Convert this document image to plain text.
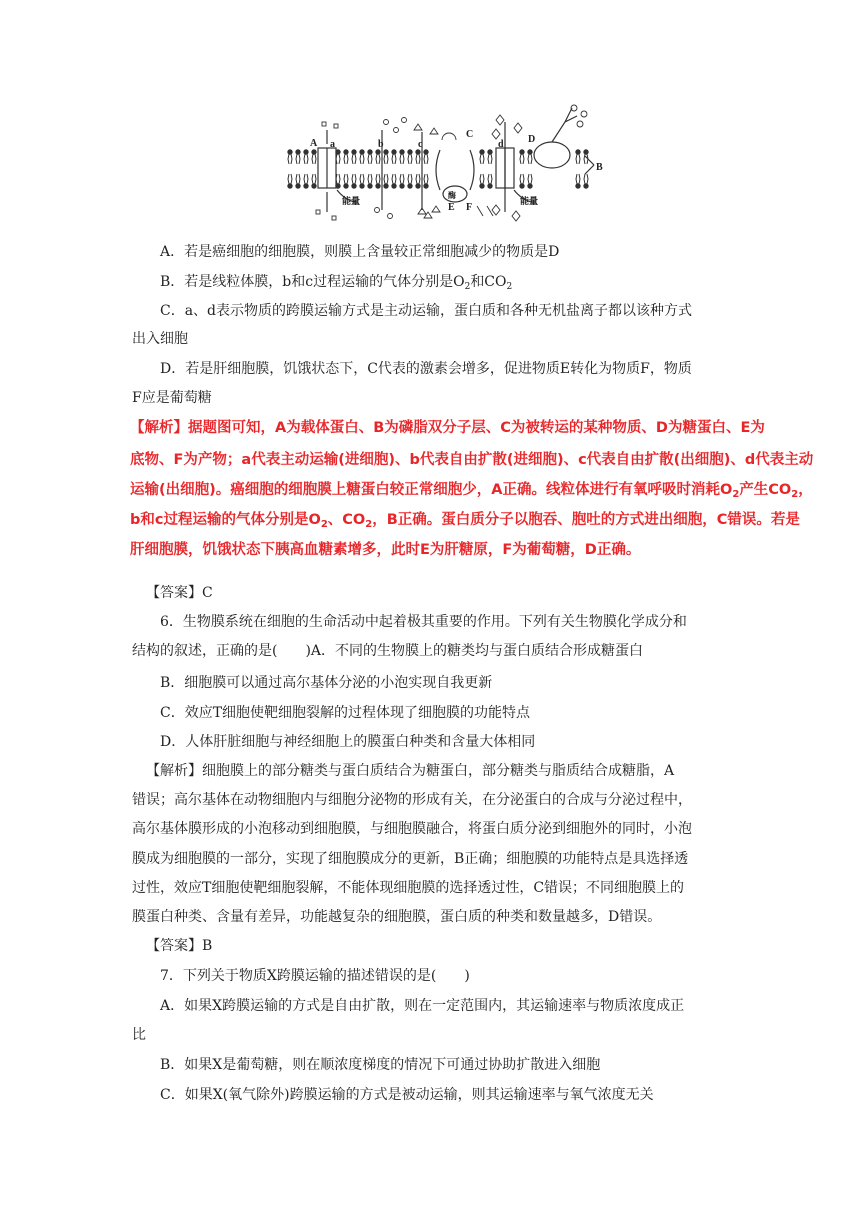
A a	b	c
C
d D
B
E F
酶
能量	能量
A．若是癌细胞的细胞膜，则膜上含量较正常细胞减少的物质是D
B．若是线粒体膜，b和c过程运输的气体分别是$O_2$和$CO_2$
C．a、d表示物质的跨膜运输方式是主动运输，蛋白质和各种无机盐离子都以该种方式
出入细胞
D．若是肝细胞膜，饥饿状态下，C代表的激素会增多，促进物质E转化为物质F，物质
F应是葡萄糖
【解析】据题图可知，A为载体蛋白、B为磷脂双分子层、C为被转运的某种物质、D为糖蛋白、E为
底物、F为产物；a代表主动运输(进细胞)、b代表自由扩散(进细胞)、c代表自由扩散(出细胞)、d代表主动
运输(出细胞)。癌细胞的细胞膜上糖蛋白较正常细胞少，A正确。线粒体进行有氧呼吸时消耗$O_2$产生$CO_2$，
b和c过程运输的气体分别是$O_2$、$CO_2$，B正确。蛋白质分子以胞吞、胞吐的方式进出细胞，C错误。若是
肝细胞膜，饥饿状态下胰高血糖素增多，此时E为肝糖原，F为葡萄糖，D正确。
【答案】C
6．生物膜系统在细胞的生命活动中起着极其重要的作用。下列有关生物膜化学成分和
结构的叙述，正确的是(　　)A．不同的生物膜上的糖类均与蛋白质结合形成糖蛋白
B．细胞膜可以通过高尔基体分泌的小泡实现自我更新
C．效应T细胞使靶细胞裂解的过程体现了细胞膜的功能特点
D．人体肝脏细胞与神经细胞上的膜蛋白种类和含量大体相同
【解析】细胞膜上的部分糖类与蛋白质结合为糖蛋白，部分糖类与脂质结合成糖脂，A
错误；高尔基体在动物细胞内与细胞分泌物的形成有关，在分泌蛋白的合成与分泌过程中，
高尔基体膜形成的小泡移动到细胞膜，与细胞膜融合，将蛋白质分泌到细胞外的同时，小泡
膜成为细胞膜的一部分，实现了细胞膜成分的更新，B正确；细胞膜的功能特点是具选择透
过性，效应T细胞使靶细胞裂解，不能体现细胞膜的选择透过性，C错误；不同细胞膜上的
膜蛋白种类、含量有差异，功能越复杂的细胞膜，蛋白质的种类和数量越多，D错误。
【答案】B
7．下列关于物质X跨膜运输的描述错误的是(　　)
A．如果X跨膜运输的方式是自由扩散，则在一定范围内，其运输速率与物质浓度成正
比
B．如果X是葡萄糖，则在顺浓度梯度的情况下可通过协助扩散进入细胞
C．如果X(氧气除外)跨膜运输的方式是被动运输，则其运输速率与氧气浓度无关
